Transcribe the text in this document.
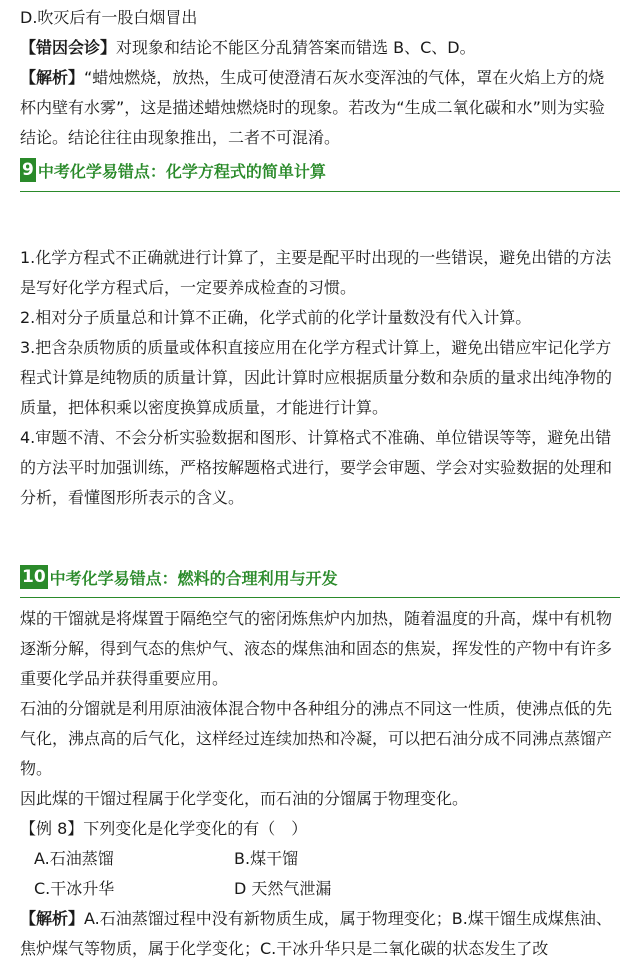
D.吹灭后有一股白烟冒出

【错因会诊】对现象和结论不能区分乱猜答案而错选 B、C、D。

【解析】“蜡烛燃烧，放热，生成可使澄清石灰水变浑浊的气体，罩在火焰上方的烧杯内壁有水雾”，这是描述蜡烛燃烧时的现象。若改为“生成二氧化碳和水”则为实验结论。结论往往由现象推出，二者不可混淆。

9 中考化学易错点：化学方程式的简单计算

1.化学方程式不正确就进行计算了，主要是配平时出现的一些错误，避免出错的方法是写好化学方程式后，一定要养成检查的习惯。

2.相对分子质量总和计算不正确，化学式前的化学计量数没有代入计算。

3.把含杂质物质的质量或体积直接应用在化学方程式计算上，避免出错应牢记化学方程式计算是纯物质的质量计算，因此计算时应根据质量分数和杂质的量求出纯净物的质量，把体积乘以密度换算成质量，才能进行计算。

4.审题不清、不会分析实验数据和图形、计算格式不准确、单位错误等等，避免出错的方法平时加强训练，严格按解题格式进行，要学会审题、学会对实验数据的处理和分析，看懂图形所表示的含义。

10 中考化学易错点：燃料的合理利用与开发

煤的干馏就是将煤置于隔绝空气的密闭炼焦炉内加热，随着温度的升高，煤中有机物逐渐分解，得到气态的焦炉气、液态的煤焦油和固态的焦炭，挥发性的产物中有许多重要化学品并获得重要应用。

石油的分馏就是利用原油液体混合物中各种组分的沸点不同这一性质，使沸点低的先气化，沸点高的后气化，这样经过连续加热和冷凝，可以把石油分成不同沸点蒸馏产物。

因此煤的干馏过程属于化学变化，而石油的分馏属于物理变化。

【例 8】下列变化是化学变化的有（　）

A.石油蒸馏	B.煤干馏
C.干冰升华	D 天然气泄漏

【解析】A.石油蒸馏过程中没有新物质生成，属于物理变化；B.煤干馏生成煤焦油、焦炉煤气等物质，属于化学变化；C.干冰升华只是二氧化碳的状态发生了改
